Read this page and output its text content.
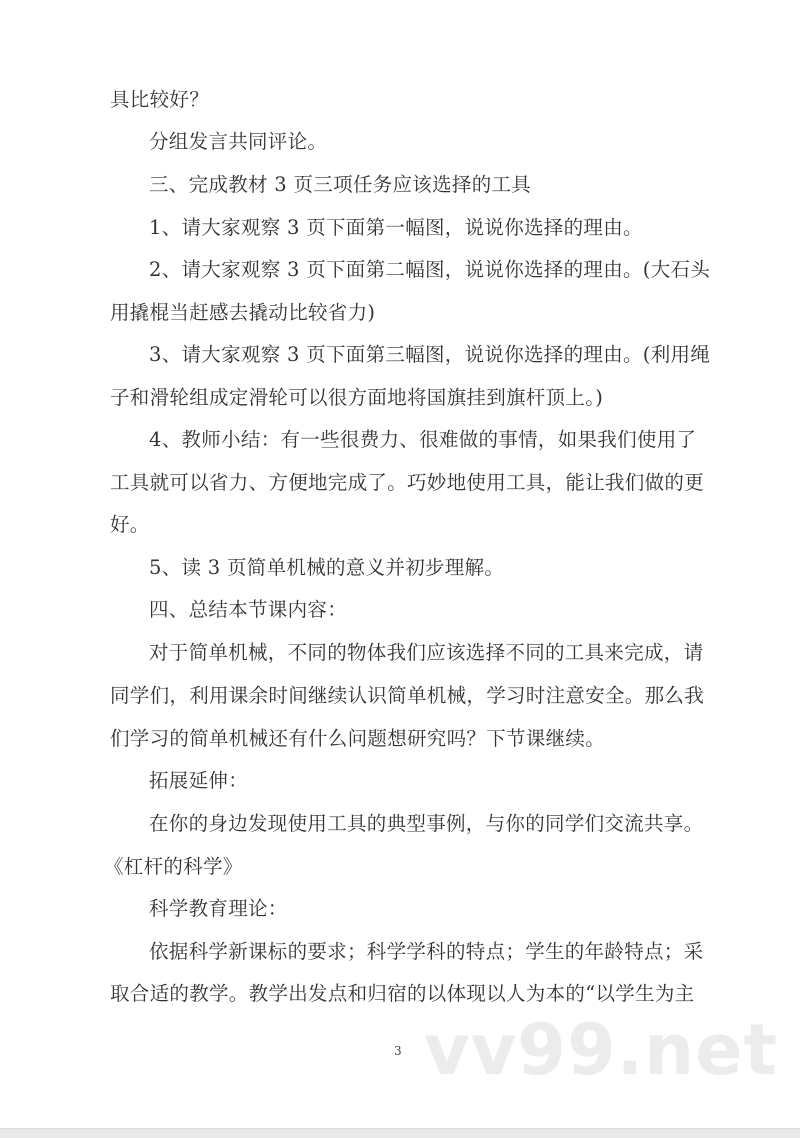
具比较好？
分组发言共同评论。
三、完成教材 3 页三项任务应该选择的工具
1、请大家观察 3 页下面第一幅图，说说你选择的理由。
2、请大家观察 3 页下面第二幅图，说说你选择的理由。(大石头
用撬棍当赶感去撬动比较省力)
3、请大家观察 3 页下面第三幅图，说说你选择的理由。(利用绳
子和滑轮组成定滑轮可以很方面地将国旗挂到旗杆顶上。)
4、教师小结：有一些很费力、很难做的事情，如果我们使用了
工具就可以省力、方便地完成了。巧妙地使用工具，能让我们做的更
好。
5、读 3 页简单机械的意义并初步理解。
四、总结本节课内容：
对于简单机械，不同的物体我们应该选择不同的工具来完成，请
同学们，利用课余时间继续认识简单机械，学习时注意安全。那么我
们学习的简单机械还有什么问题想研究吗？下节课继续。
拓展延伸：
在你的身边发现使用工具的典型事例，与你的同学们交流共享。
《杠杆的科学》
科学教育理论：
依据科学新课标的要求；科学学科的特点；学生的年龄特点；采
取合适的教学。教学出发点和归宿的以体现以人为本的“以学生为主
vv99.net
3
